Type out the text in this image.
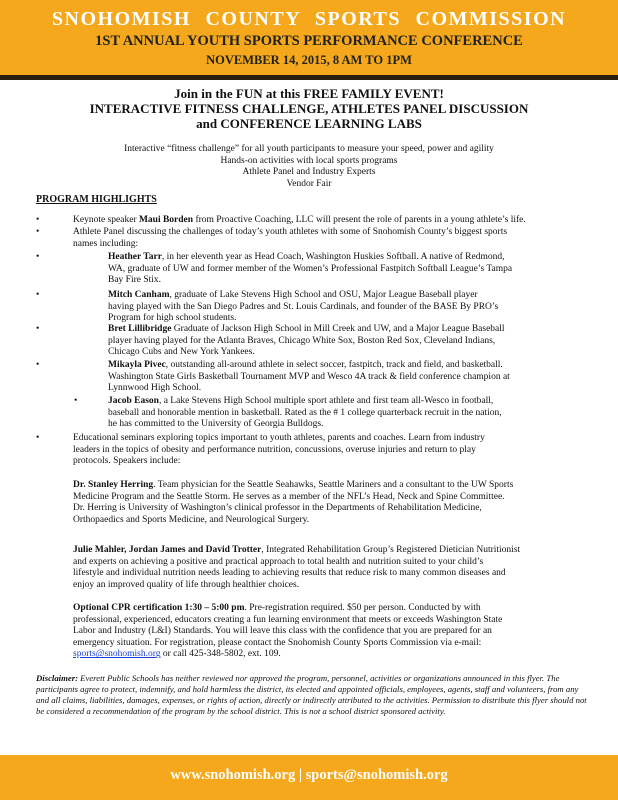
SNOHOMISH COUNTY SPORTS COMMISSION
1ST ANNUAL YOUTH SPORTS PERFORMANCE CONFERENCE
NOVEMBER 14, 2015, 8 AM TO 1PM
Join in the FUN at this FREE FAMILY EVENT!
INTERACTIVE FITNESS CHALLENGE, ATHLETES PANEL DISCUSSION
and CONFERENCE LEARNING LABS
Interactive “fitness challenge” for all youth participants to measure your speed, power and agility
Hands-on activities with local sports programs
Athlete Panel and Industry Experts
Vendor Fair
PROGRAM HIGHLIGHTS
•	Keynote speaker Maui Borden from Proactive Coaching, LLC will present the role of parents in a young athlete’s life.
•	Athlete Panel discussing the challenges of today’s youth athletes with some of Snohomish County’s biggest sports
names including:
•	Heather Tarr, in her eleventh year as Head Coach, Washington Huskies Softball. A native of Redmond,
WA, graduate of UW and former member of the Women’s Professional Fastpitch Softball League’s Tampa
Bay Fire Stix.
•	Mitch Canham, graduate of Lake Stevens High School and OSU, Major League Baseball player
having played with the San Diego Padres and St. Louis Cardinals, and founder of the BASE By PRO’s
Program for high school students.
•	Bret Lillibridge Graduate of Jackson High School in Mill Creek and UW, and a Major League Baseball
player having played for the Atlanta Braves, Chicago White Sox, Boston Red Sox, Cleveland Indians,
Chicago Cubs and New York Yankees.
•	Mikayla Pivec, outstanding all-around athlete in select soccer, fastpitch, track and field, and basketball.
Washington State Girls Basketball Tournament MVP and Wesco 4A track & field conference champion at
Lynnwood High School.
•	Jacob Eason, a Lake Stevens High School multiple sport athlete and first team all-Wesco in football,
baseball and honorable mention in basketball. Rated as the # 1 college quarterback recruit in the nation,
he has committed to the University of Georgia Bulldogs.
•	Educational seminars exploring topics important to youth athletes, parents and coaches. Learn from industry
leaders in the topics of obesity and performance nutrition, concussions, overuse injuries and return to play
protocols. Speakers include:
Dr. Stanley Herring. Team physician for the Seattle Seahawks, Seattle Mariners and a consultant to the UW Sports
Medicine Program and the Seattle Storm. He serves as a member of the NFL’s Head, Neck and Spine Committee.
Dr. Herring is University of Washington’s clinical professor in the Departments of Rehabilitation Medicine,
Orthopaedics and Sports Medicine, and Neurological Surgery.
Julie Mahler, Jordan James and David Trotter, Integrated Rehabilitation Group’s Registered Dietician Nutritionist
and experts on achieving a positive and practical approach to total health and nutrition suited to your child’s
lifestyle and individual nutrition needs leading to achieving results that reduce risk to many common diseases and
enjoy an improved quality of life through healthier choices.
Optional CPR certification 1:30 – 5:00 pm. Pre-registration required. $50 per person. Conducted by with
professional, experienced, educators creating a fun learning environment that meets or exceeds Washington State
Labor and Industry (L&I) Standards. You will leave this class with the confidence that you are prepared for an
emergency situation. For registration, please contact the Snohomish County Sports Commission via e-mail:
sports@snohomish.org or call 425-348-5802, ext. 109.
Disclaimer: Everett Public Schools has neither reviewed nor approved the program, personnel, activities or organizations announced in this flyer. The participants agree to protect, indemnify, and hold harmless the district, its elected and appointed officials, employees, agents, staff and volunteers, from any and all claims, liabilities, damages, expenses, or rights of action, directly or indirectly attributed to the activities. Permission to distribute this flyer should not be considered a recommendation of the program by the school district. This is not a school district sponsored activity.
www.snohomish.org | sports@snohomish.org
